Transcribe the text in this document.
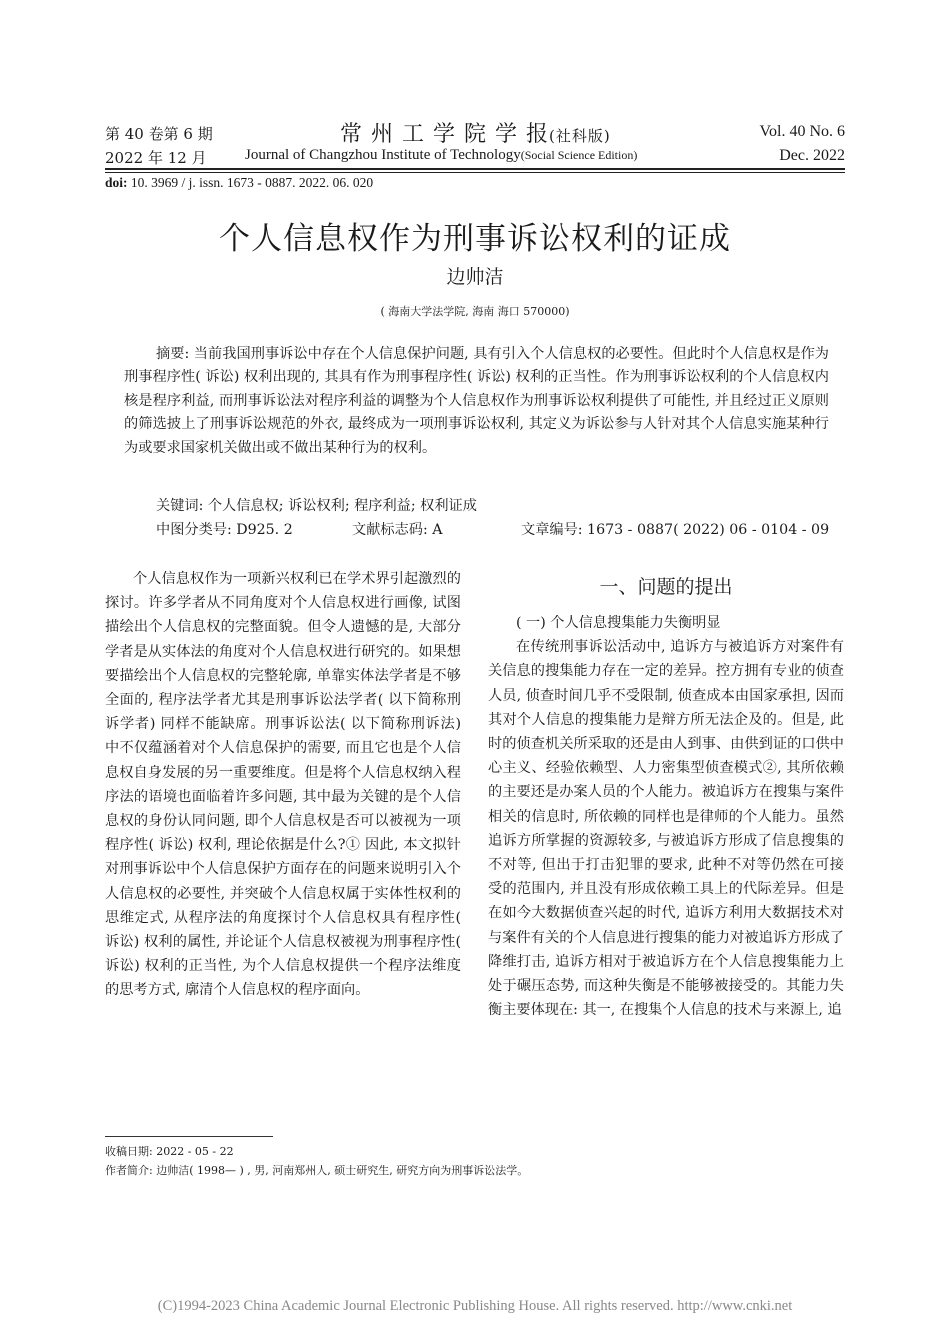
第 40 卷第 6 期	常 州 工 学 院 学 报(社科版)	Vol. 40 No. 6
2022 年 12 月	Journal of Changzhou Institute of Technology(Social Science Edition)	Dec. 2022
doi: 10. 3969 / j. issn. 1673 - 0887. 2022. 06. 020
个人信息权作为刑事诉讼权利的证成
边帅洁
( 海南大学法学院, 海南 海口 570000)

摘要: 当前我国刑事诉讼中存在个人信息保护问题, 具有引入个人信息权的必要性。但此时个人信息权是作为刑事程序性( 诉讼) 权利出现的, 其具有作为刑事程序性( 诉讼) 权利的正当性。作为刑事诉讼权利的个人信息权内核是程序利益, 而刑事诉讼法对程序利益的调整为个人信息权作为刑事诉讼权利提供了可能性, 并且经过正义原则的筛选披上了刑事诉讼规范的外衣, 最终成为一项刑事诉讼权利, 其定义为诉讼参与人针对其个人信息实施某种行为或要求国家机关做出或不做出某种行为的权利。

关键词: 个人信息权; 诉讼权利; 程序利益; 权利证成
中图分类号: D925. 2	文献标志码: A	文章编号: 1673 - 0887( 2022) 06 - 0104 - 09

个人信息权作为一项新兴权利已在学术界引起激烈的探讨。许多学者从不同角度对个人信息权进行画像, 试图描绘出个人信息权的完整面貌。但令人遗憾的是, 大部分学者是从实体法的角度对个人信息权进行研究的。如果想要描绘出个人信息权的完整轮廓, 单靠实体法学者是不够全面的, 程序法学者尤其是刑事诉讼法学者( 以下简称刑诉学者) 同样不能缺席。刑事诉讼法( 以下简称刑诉法) 中不仅蕴涵着对个人信息保护的需要, 而且它也是个人信息权自身发展的另一重要维度。但是将个人信息权纳入程序法的语境也面临着许多问题, 其中最为关键的是个人信息权的身份认同问题, 即个人信息权是否可以被视为一项程序性( 诉讼) 权利, 理论依据是什么?① 因此, 本文拟针对刑事诉讼中个人信息保护方面存在的问题来说明引入个人信息权的必要性, 并突破个人信息权属于实体性权利的思维定式, 从程序法的角度探讨个人信息权具有程序性( 诉讼) 权利的属性, 并论证个人信息权被视为刑事程序性( 诉讼) 权利的正当性, 为个人信息权提供一个程序法维度的思考方式, 廓清个人信息权的程序面向。

一、问题的提出

( 一) 个人信息搜集能力失衡明显

在传统刑事诉讼活动中, 追诉方与被追诉方对案件有关信息的搜集能力存在一定的差异。控方拥有专业的侦查人员, 侦查时间几乎不受限制, 侦查成本由国家承担, 因而其对个人信息的搜集能力是辩方所无法企及的。但是, 此时的侦查机关所采取的还是由人到事、由供到证的口供中心主义、经验依赖型、人力密集型侦查模式②, 其所依赖的主要还是办案人员的个人能力。被追诉方在搜集与案件相关的信息时, 所依赖的同样也是律师的个人能力。虽然追诉方所掌握的资源较多, 与被追诉方形成了信息搜集的不对等, 但出于打击犯罪的要求, 此种不对等仍然在可接受的范围内, 并且没有形成依赖工具上的代际差异。但是在如今大数据侦查兴起的时代, 追诉方利用大数据技术对与案件有关的个人信息进行搜集的能力对被追诉方形成了降维打击, 追诉方相对于被追诉方在个人信息搜集能力上处于碾压态势, 而这种失衡是不能够被接受的。其能力失衡主要体现在: 其一, 在搜集个人信息的技术与来源上, 追

收稿日期: 2022 - 05 - 22
作者简介: 边帅洁( 1998— ) , 男, 河南郑州人, 硕士研究生, 研究方向为刑事诉讼法学。
(C)1994-2023 China Academic Journal Electronic Publishing House. All rights reserved. http://www.cnki.net
